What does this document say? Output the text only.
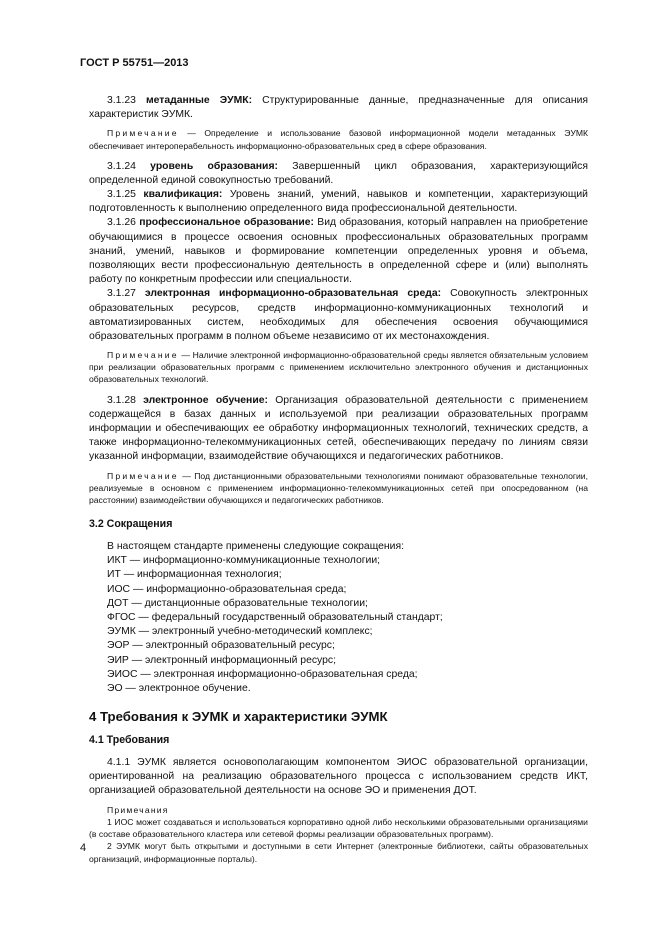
ГОСТ Р 55751—2013

3.1.23 метаданные ЭУМК: Структурированные данные, предназначенные для описания характеристик ЭУМК.

Примечание — Определение и использование базовой информационной модели метаданных ЭУМК обеспечивает интероперабельность информационно-образовательных сред в сфере образования.

3.1.24 уровень образования: Завершенный цикл образования, характеризующийся определенной единой совокупностью требований.

3.1.25 квалификация: Уровень знаний, умений, навыков и компетенции, характеризующий подготовленность к выполнению определенного вида профессиональной деятельности.

3.1.26 профессиональное образование: Вид образования, который направлен на приобретение обучающимися в процессе освоения основных профессиональных образовательных программ знаний, умений, навыков и формирование компетенции определенных уровня и объема, позволяющих вести профессиональную деятельность в определенной сфере и (или) выполнять работу по конкретным профессии или специальности.

3.1.27 электронная информационно-образовательная среда: Совокупность электронных образовательных ресурсов, средств информационно-коммуникационных технологий и автоматизированных систем, необходимых для обеспечения освоения обучающимися образовательных программ в полном объеме независимо от их местонахождения.

Примечание — Наличие электронной информационно-образовательной среды является обязательным условием при реализации образовательных программ с применением исключительно электронного обучения и дистанционных образовательных технологий.

3.1.28 электронное обучение: Организация образовательной деятельности с применением содержащейся в базах данных и используемой при реализации образовательных программ информации и обеспечивающих ее обработку информационных технологий, технических средств, а также информационно-телекоммуникационных сетей, обеспечивающих передачу по линиям связи указанной информации, взаимодействие обучающихся и педагогических работников.

Примечание — Под дистанционными образовательными технологиями понимают образовательные технологии, реализуемые в основном с применением информационно-телекоммуникационных сетей при опосредованном (на расстоянии) взаимодействии обучающихся и педагогических работников.

3.2 Сокращения

В настоящем стандарте применены следующие сокращения:

ИКТ — информационно-коммуникационные технологии;

ИТ — информационная технология;

ИОС — информационно-образовательная среда;

ДОТ — дистанционные образовательные технологии;

ФГОС — федеральный государственный образовательный стандарт;

ЭУМК — электронный учебно-методический комплекс;

ЭОР — электронный образовательный ресурс;

ЭИР — электронный информационный ресурс;

ЭИОС — электронная информационно-образовательная среда;

ЭО — электронное обучение.

4 Требования к ЭУМК и характеристики ЭУМК
4.1 Требования

4.1.1 ЭУМК является основополагающим компонентом ЭИОС образовательной организации, ориентированной на реализацию образовательного процесса с использованием средств ИКТ, организацией образовательной деятельности на основе ЭО и применения ДОТ.

Примечания

1 ИОС может создаваться и использоваться корпоративно одной либо несколькими образовательными организациями (в составе образовательного кластера или сетевой формы реализации образовательных программ).

2 ЭУМК могут быть открытыми и доступными в сети Интернет (электронные библиотеки, сайты образовательных организаций, информационные порталы).

4
